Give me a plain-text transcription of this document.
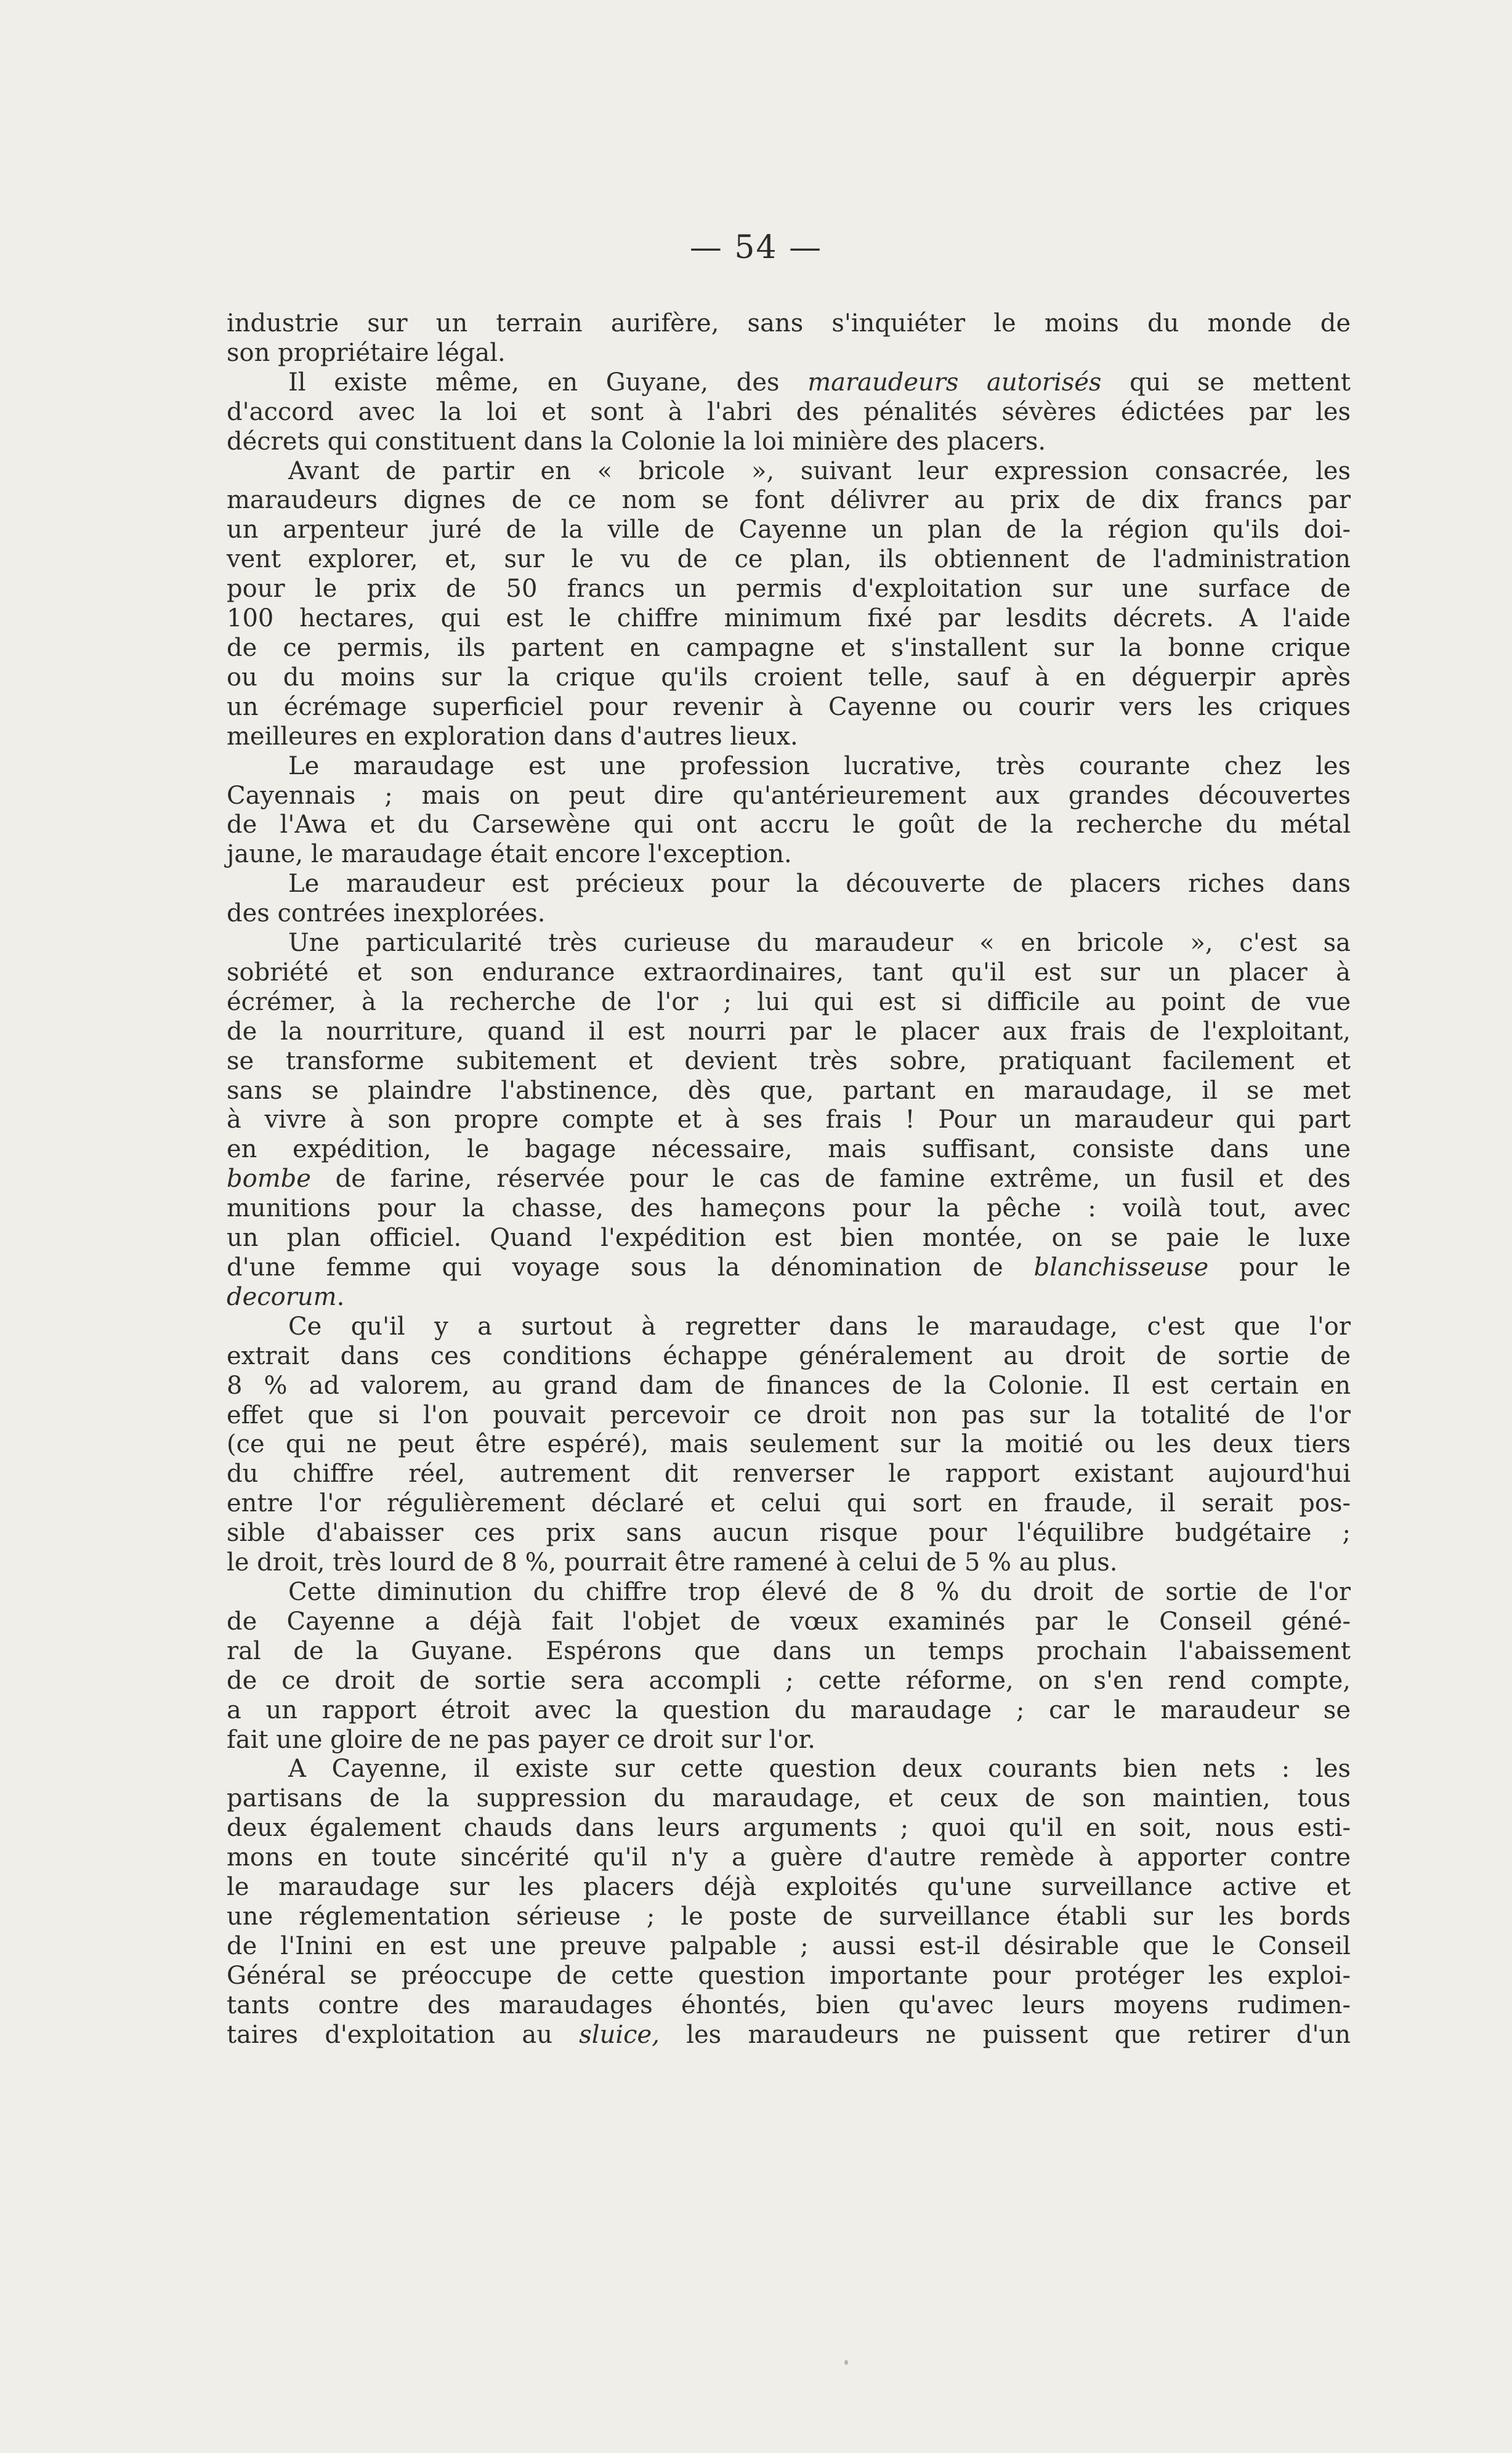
— 54 —

industrie sur un terrain aurifère, sans s'inquiéter le moins du monde de

son propriétaire légal.

Il existe même, en Guyane, des maraudeurs autorisés qui se mettent

d'accord avec la loi et sont à l'abri des pénalités sévères édictées par les

décrets qui constituent dans la Colonie la loi minière des placers.

Avant de partir en « bricole », suivant leur expression consacrée, les

maraudeurs dignes de ce nom se font délivrer au prix de dix francs par

un arpenteur juré de la ville de Cayenne un plan de la région qu'ils doi-

vent explorer, et, sur le vu de ce plan, ils obtiennent de l'administration

pour le prix de 50 francs un permis d'exploitation sur une surface de

100 hectares, qui est le chiffre minimum fixé par lesdits décrets. A l'aide

de ce permis, ils partent en campagne et s'installent sur la bonne crique

ou du moins sur la crique qu'ils croient telle, sauf à en déguerpir après

un écrémage superficiel pour revenir à Cayenne ou courir vers les criques

meilleures en exploration dans d'autres lieux.

Le maraudage est une profession lucrative, très courante chez les

Cayennais ; mais on peut dire qu'antérieurement aux grandes découvertes

de l'Awa et du Carsewène qui ont accru le goût de la recherche du métal

jaune, le maraudage était encore l'exception.

Le maraudeur est précieux pour la découverte de placers riches dans

des contrées inexplorées.

Une particularité très curieuse du maraudeur « en bricole », c'est sa

sobriété et son endurance extraordinaires, tant qu'il est sur un placer à

écrémer, à la recherche de l'or ; lui qui est si difficile au point de vue

de la nourriture, quand il est nourri par le placer aux frais de l'exploitant,

se transforme subitement et devient très sobre, pratiquant facilement et

sans se plaindre l'abstinence, dès que, partant en maraudage, il se met

à vivre à son propre compte et à ses frais ! Pour un maraudeur qui part

en expédition, le bagage nécessaire, mais suffisant, consiste dans une

bombe de farine, réservée pour le cas de famine extrême, un fusil et des

munitions pour la chasse, des hameçons pour la pêche : voilà tout, avec

un plan officiel. Quand l'expédition est bien montée, on se paie le luxe

d'une femme qui voyage sous la dénomination de blanchisseuse pour le

decorum.

Ce qu'il y a surtout à regretter dans le maraudage, c'est que l'or

extrait dans ces conditions échappe généralement au droit de sortie de

8 % ad valorem, au grand dam de finances de la Colonie. Il est certain en

effet que si l'on pouvait percevoir ce droit non pas sur la totalité de l'or

(ce qui ne peut être espéré), mais seulement sur la moitié ou les deux tiers

du chiffre réel, autrement dit renverser le rapport existant aujourd'hui

entre l'or régulièrement déclaré et celui qui sort en fraude, il serait pos-

sible d'abaisser ces prix sans aucun risque pour l'équilibre budgétaire ;

le droit, très lourd de 8 %, pourrait être ramené à celui de 5 % au plus.

Cette diminution du chiffre trop élevé de 8 % du droit de sortie de l'or

de Cayenne a déjà fait l'objet de vœux examinés par le Conseil géné-

ral de la Guyane. Espérons que dans un temps prochain l'abaissement

de ce droit de sortie sera accompli ; cette réforme, on s'en rend compte,

a un rapport étroit avec la question du maraudage ; car le maraudeur se

fait une gloire de ne pas payer ce droit sur l'or.

A Cayenne, il existe sur cette question deux courants bien nets : les

partisans de la suppression du maraudage, et ceux de son maintien, tous

deux également chauds dans leurs arguments ; quoi qu'il en soit, nous esti-

mons en toute sincérité qu'il n'y a guère d'autre remède à apporter contre

le maraudage sur les placers déjà exploités qu'une surveillance active et

une réglementation sérieuse ; le poste de surveillance établi sur les bords

de l'Inini en est une preuve palpable ; aussi est-il désirable que le Conseil

Général se préoccupe de cette question importante pour protéger les exploi-

tants contre des maraudages éhontés, bien qu'avec leurs moyens rudimen-

taires d'exploitation au sluice, les maraudeurs ne puissent que retirer d'un
